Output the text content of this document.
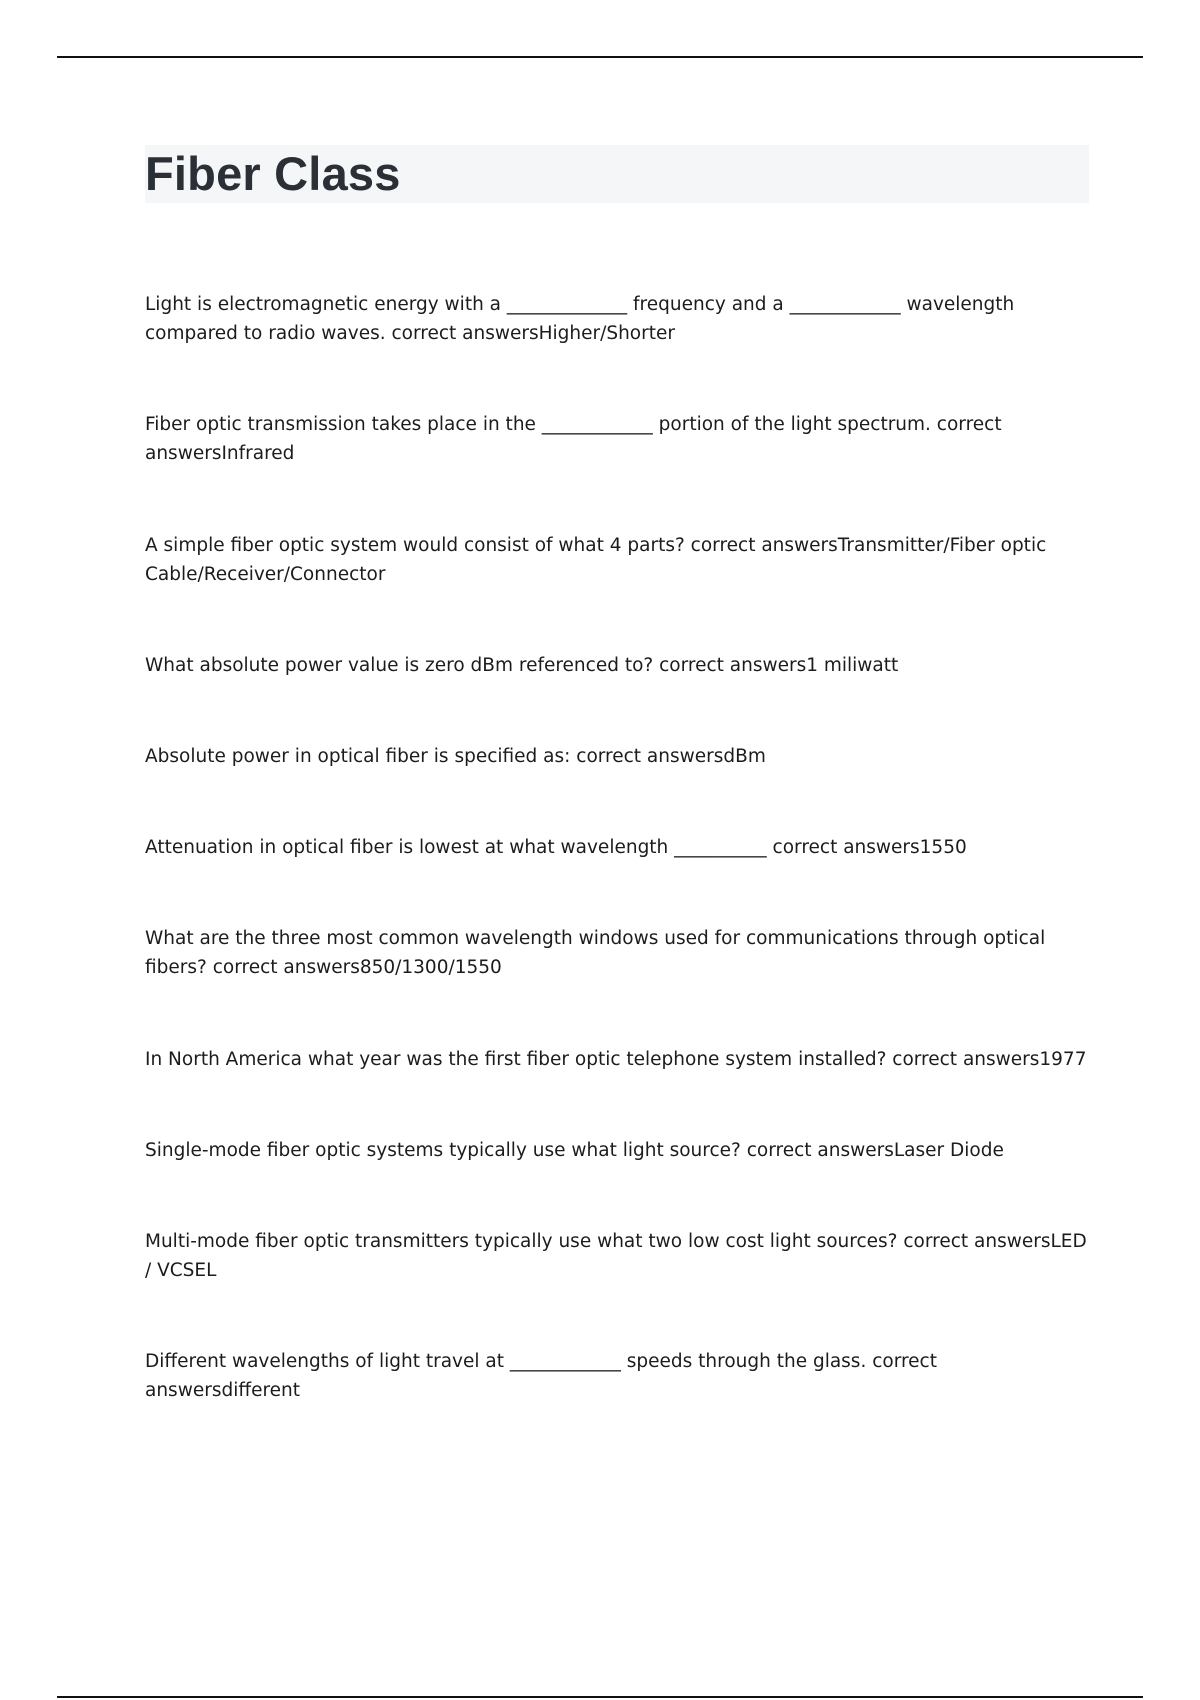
Fiber Class

Light is electromagnetic energy with a _____________ frequency and a ____________ wavelength compared to radio waves. correct answersHigher/Shorter

Fiber optic transmission takes place in the ____________ portion of the light spectrum. correct answersInfrared

A simple fiber optic system would consist of what 4 parts? correct answersTransmitter/Fiber optic Cable/Receiver/Connector

What absolute power value is zero dBm referenced to? correct answers1 miliwatt

Absolute power in optical fiber is specified as: correct answersdBm

Attenuation in optical fiber is lowest at what wavelength __________ correct answers1550

What are the three most common wavelength windows used for communications through optical fibers? correct answers850/1300/1550

In North America what year was the first fiber optic telephone system installed? correct answers1977

Single-mode fiber optic systems typically use what light source? correct answersLaser Diode

Multi-mode fiber optic transmitters typically use what two low cost light sources? correct answersLED / VCSEL

Different wavelengths of light travel at ____________ speeds through the glass. correct answersdifferent
